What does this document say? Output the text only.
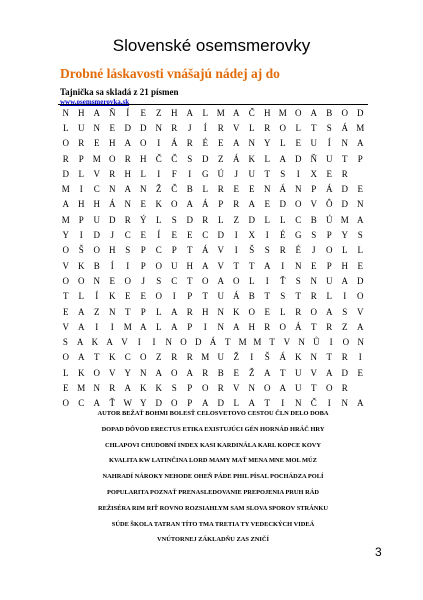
Slovenské osemsmerovky
Drobné láskavosti vnášajú nádej aj do
Tajnička sa skladá z 21 písmen
www.osemsmerovka.sk
N	H	A	Ň	Í	E	Z	H	A	L M A	Č	H M O	A	B	O	D
L	U	N	E	D	D	N	R	J	Í	R	V	L	R	O	L	T	S	Á M
O	R	E	H	A	O	I	Á	R	É	E	A	N	Y	L	E	U	Í	N	A
R	P M O	R	H	Č	Č	S	D	Z	Á	K	L	A	D	Ň	U	T	P
D	L	V	R	H	L	I	F	I	G	Ú	J	U	T	S	I	X	E	R
M	I	C	N	A	N	Ž	Č	B	L	R	E	E	N	Á	N	P	Á	D	E
A	H	H	Á	N	E	K	O	A	Á	P	R	A	E	D	O	V	Ô	D	N
M P	U	D	R	Ý	L	S	D	R	L	Z	D	L	L	C	B	Ú M A
Y	I	D	J	C	E	Í	E	E	C	D	I	X	I	É	G	S	P	Y	S
O	Š	O	H	S	P	C	P	T	Á	V	I	Š	S	R	É	J	O	L	L
V	K	B	Í	I	P	O	U	H	A	V	T	T	A	I	N	E	P	H	E
O	O	N	E	O	J	S	C	T	O	A	O	L	I	Ť	S	N	U	A	D
T	L	Í	K	E	E	O	I	P	T	U	Á	B	T	S	T	R	L	I	O
E	A	Z	N	T	P	L	A	R	H	N	K	O	E	L	R	O	A	S	V
V	A	I	I	M A	L	A	P	I	N	A	H	R	O	Á	T	R	Z	A
S	A K A V	I	I	N O D Á T M M T V N Ů	I	O N
O	A	T	K	C	O	Z	R	R M U	Ž	I	Š	Á	K	N	T	R	I
L	K	O	V	Y	N	A	O	A	R	B	E	Ž	A	T	U	V	A	D	E
E M N	R	A	K	K	S	P	O	R	V	N	O	A	U	T	O	R
O	C	A	Ť W Y	D	O	P	A	D	L	A	T	I	N	Č	I	N	A
AUTOR BEŽAŤ BOHMI BOLESŤ CELOSVETOVO CESTOU ČLN DELO DOBA
DOPAD DÔVOD ERECTUS ETIKA EXISTUJÚCI GÉN HORNÁD HRÁČ HRY
CHLAPOVI CHUDOBNÍ INDEX KASI KARDINÁLA KARL KOPCE KOVY
KVALITA KW LATINČINA LORD MAMY MAŤ MENA MNE MOL MÚZ
NAHRADÍ NÁROKY NEHODE OHEŇ PÁDE PHIL PÍSAL POCHÁDZA POLÍ
POPULARITA POZNAŤ PRENASLEDOVANIE PREPOJENIA PRUH RÁD
REŽISÉRA RIM RIŤ ROVNO ROZSIAHLYM SAM SLOVA SPOROV STRÁNKU
SÚDE ŠKOLA TATRAN TÍTO TMA TRETIA TY VEDECKÝCH VIDEÁ
VNÚTORNEJ ZÁKLADŇU ZAS ZNIČÍ
3
